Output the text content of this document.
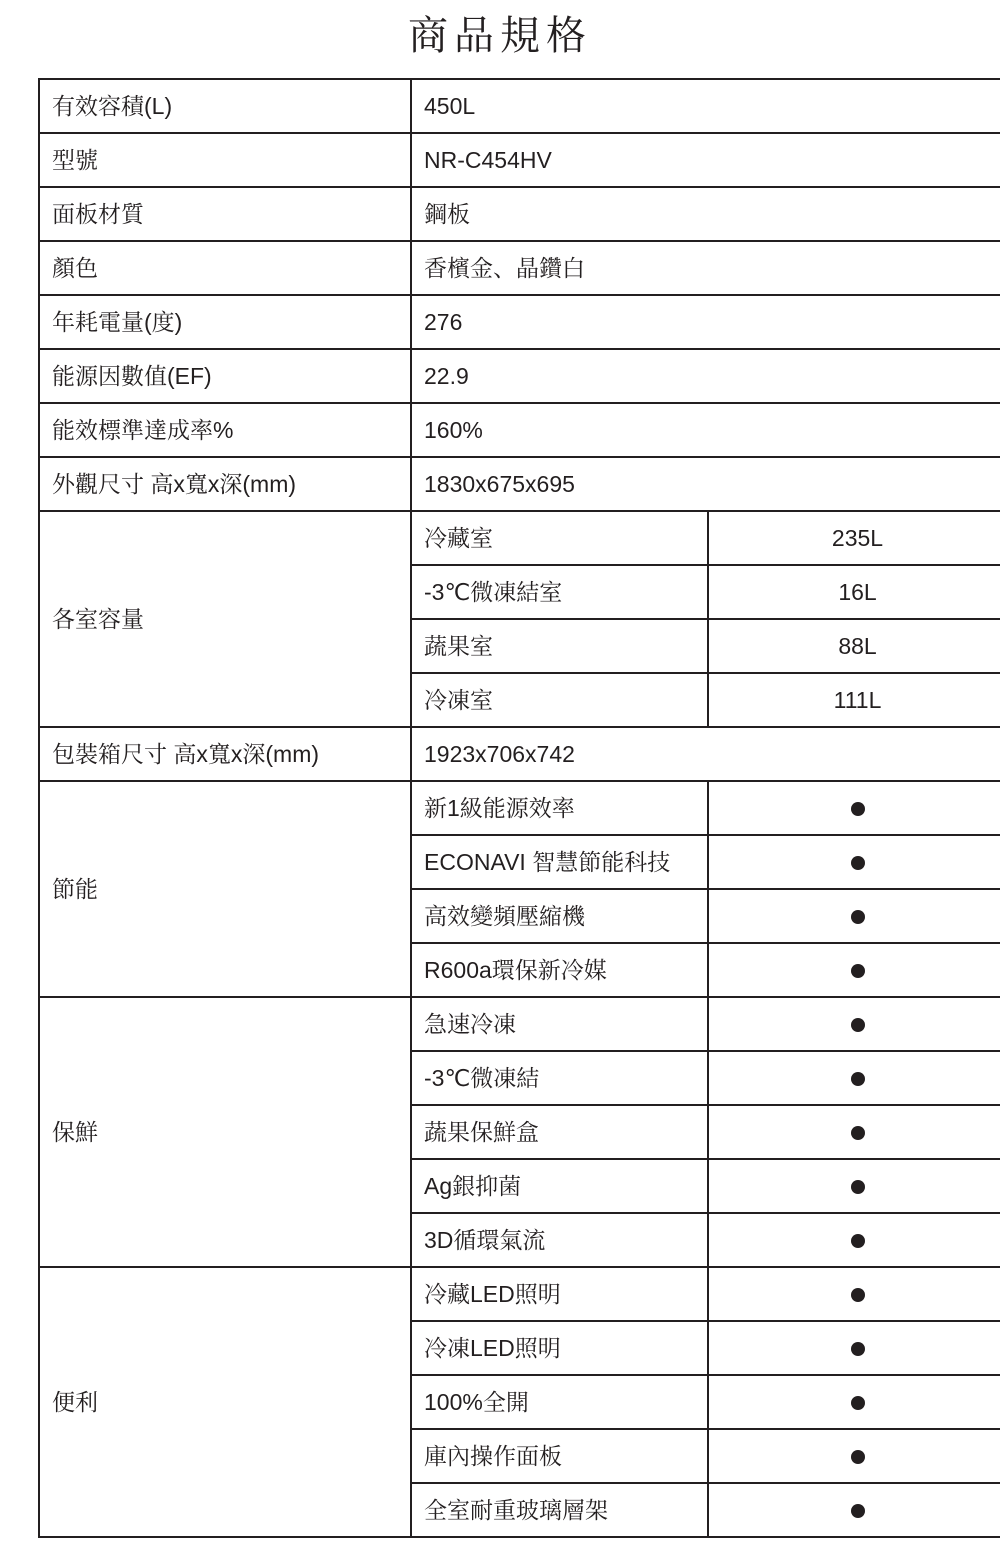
商品規格
有效容積(L)	450L	
型號	NR-C454HV	
面板材質	鋼板	
顏色	香檳金、晶鑽白	
年耗電量(度)	276	
能源因數值(EF)	22.9	
能效標準達成率%	160%	
外觀尺寸 高x寬x深(mm)	1830x675x695	
各室容量	冷藏室	235L
	-3℃微凍結室	16L
	蔬果室	88L
	冷凍室	111L
包裝箱尺寸 高x寬x深(mm)	1923x706x742	
節能	新1級能源效率	
	ECONAVI 智慧節能科技	
	高效變頻壓縮機	
	R600a環保新冷媒	
保鮮	急速冷凍	
	-3℃微凍結	
	蔬果保鮮盒	
	Ag銀抑菌	
	3D循環氣流	
便利	冷藏LED照明	
	冷凍LED照明	
	100%全開	
	庫內操作面板	
	全室耐重玻璃層架	
